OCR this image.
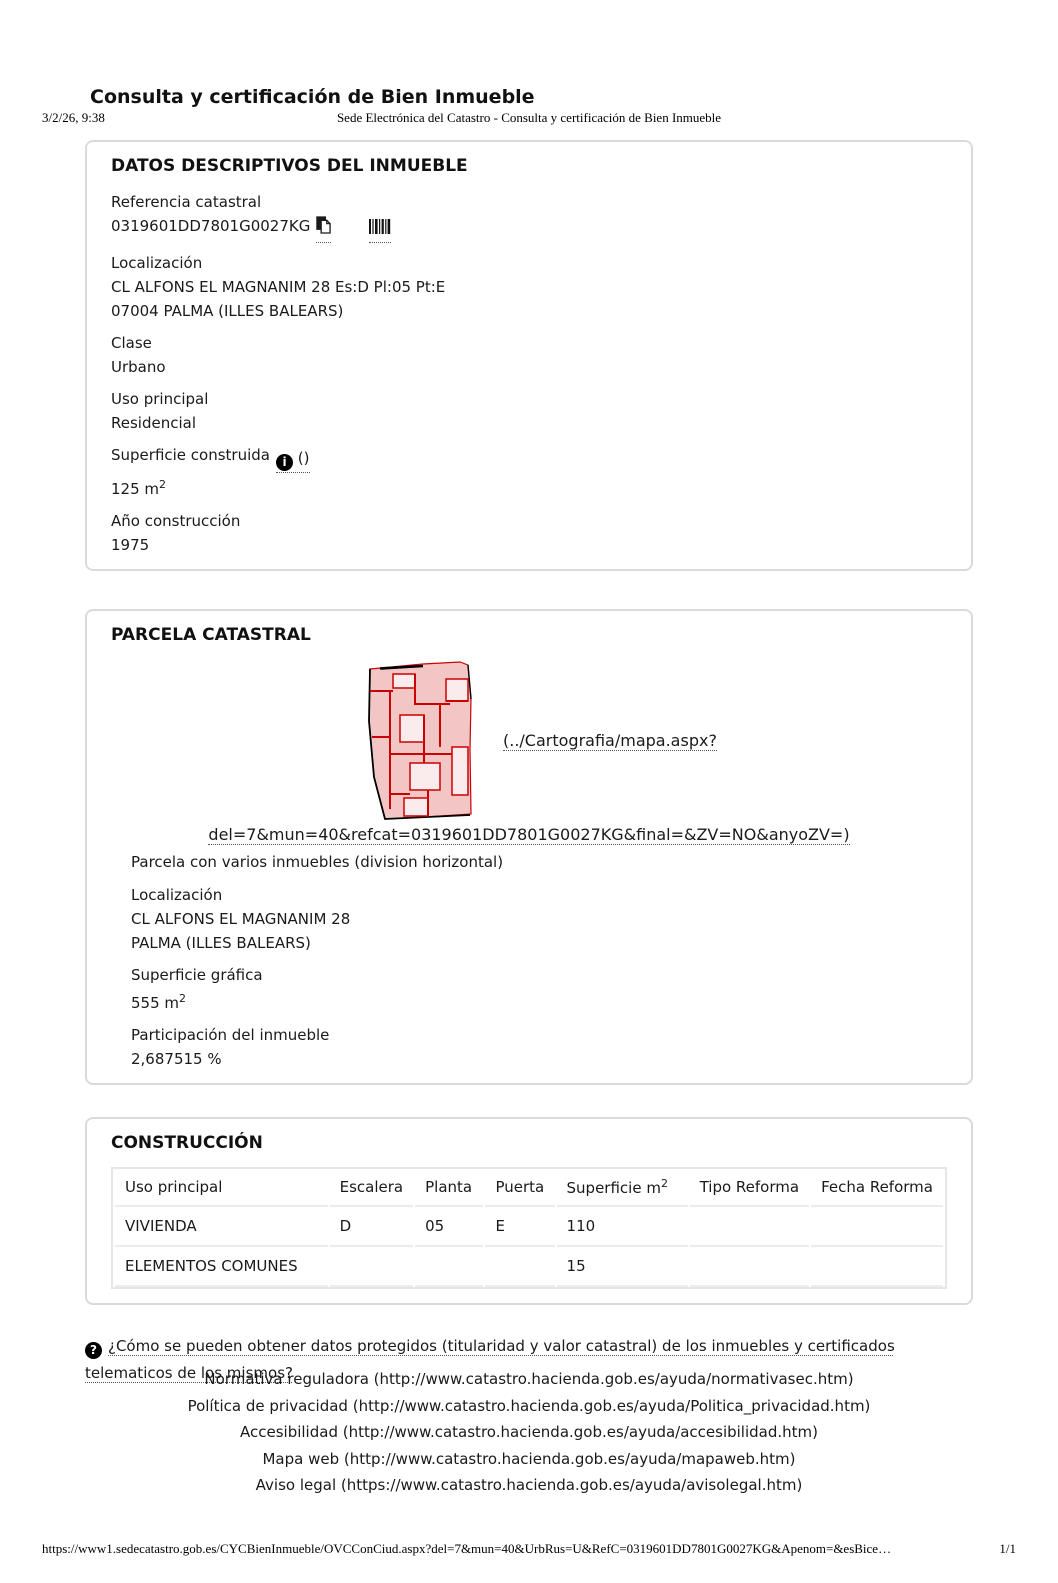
3/2/26, 9:38	Sede Electrónica del Catastro - Consulta y certificación de Bien Inmueble
Consulta y certificación de Bien Inmueble
DATOS DESCRIPTIVOS DEL INMUEBLE
Referencia catastral
0319601DD7801G0027KG
Localización
CL ALFONS EL MAGNANIM 28 Es:D Pl:05 Pt:E
07004 PALMA (ILLES BALEARS)
Clase
Urbano
Uso principal
Residencial
Superficie construida i ()
125 $m^2$
Año construcción
1975
PARCELA CATASTRAL
(../Cartografia/mapa.aspx?
del=7&mun=40&refcat=0319601DD7801G0027KG&final=&ZV=NO&anyoZV=)
Parcela con varios inmuebles (division horizontal)
Localización
CL ALFONS EL MAGNANIM 28
PALMA (ILLES BALEARS)
Superficie gráfica
555 $m^2$
Participación del inmueble
2,687515 %
CONSTRUCCIÓN
Uso principal	Escalera	Planta	Puerta	Superficie $m^2$	Tipo Reforma	Fecha Reforma
VIVIENDA	D	05	E	110		
ELEMENTOS COMUNES				15		
? ¿Cómo se pueden obtener datos protegidos (titularidad y valor catastral) de los inmuebles y certificados telematicos de los mismos?
Normativa reguladora (http://www.catastro.hacienda.gob.es/ayuda/normativasec.htm)
Política de privacidad (http://www.catastro.hacienda.gob.es/ayuda/Politica_privacidad.htm)
Accesibilidad (http://www.catastro.hacienda.gob.es/ayuda/accesibilidad.htm)
Mapa web (http://www.catastro.hacienda.gob.es/ayuda/mapaweb.htm)
Aviso legal (https://www.catastro.hacienda.gob.es/ayuda/avisolegal.htm)
https://www1.sedecatastro.gob.es/CYCBienInmueble/OVCConCiud.aspx?del=7&mun=40&UrbRus=U&RefC=0319601DD7801G0027KG&Apenom=&esBice…	1/1
